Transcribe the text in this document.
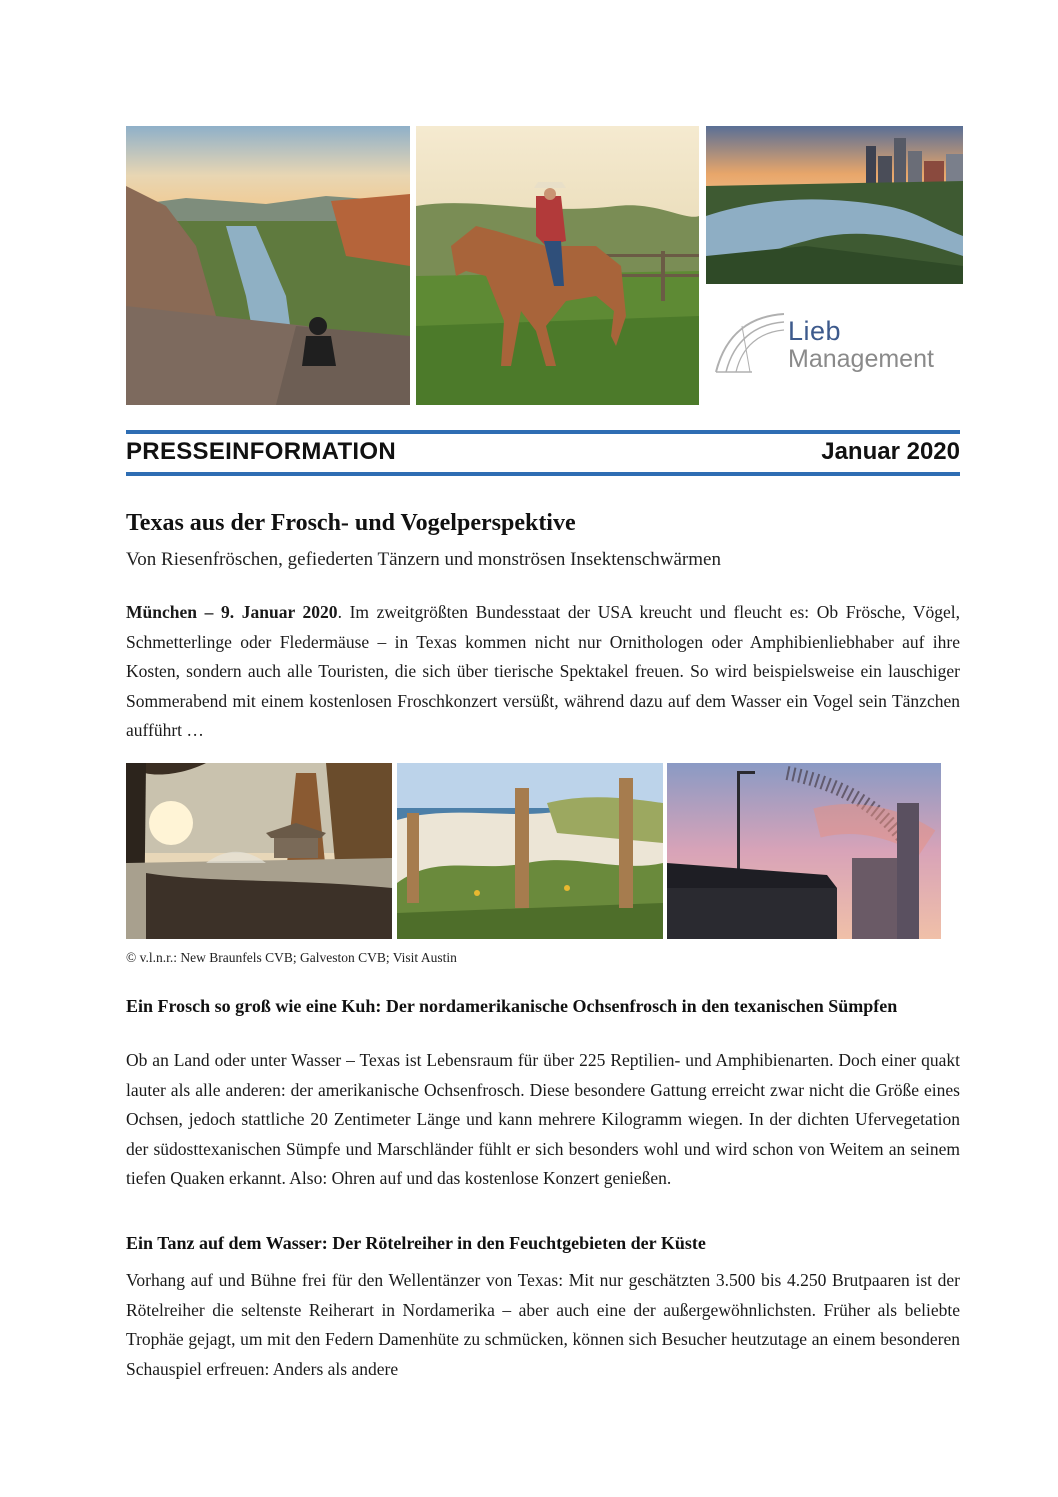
Lieb
Management
PRESSEINFORMATION	Januar 2020
Texas aus der Frosch- und Vogelperspektive
Von Riesenfröschen, gefiederten Tänzern und monströsen Insektenschwärmen

München – 9. Januar 2020. Im zweitgrößten Bundesstaat der USA kreucht und fleucht es: Ob Frösche, Vögel, Schmetterlinge oder Fledermäuse – in Texas kommen nicht nur Ornithologen oder Amphibienliebhaber auf ihre Kosten, sondern auch alle Touristen, die sich über tierische Spektakel freuen. So wird beispielsweise ein lauschiger Sommerabend mit einem kostenlosen Froschkonzert versüßt, während dazu auf dem Wasser ein Vogel sein Tänzchen aufführt …

© v.l.n.r.: New Braunfels CVB; Galveston CVB; Visit Austin
Ein Frosch so groß wie eine Kuh: Der nordamerikanische Ochsenfrosch in den texanischen Sümpfen

Ob an Land oder unter Wasser – Texas ist Lebensraum für über 225 Reptilien- und Amphibienarten. Doch einer quakt lauter als alle anderen: der amerikanische Ochsenfrosch. Diese besondere Gattung erreicht zwar nicht die Größe eines Ochsen, jedoch stattliche 20 Zentimeter Länge und kann mehrere Kilogramm wiegen. In der dichten Ufervegetation der südosttexanischen Sümpfe und Marschländer fühlt er sich besonders wohl und wird schon von Weitem an seinem tiefen Quaken erkannt. Also: Ohren auf und das kostenlose Konzert genießen.

Ein Tanz auf dem Wasser: Der Rötelreiher in den Feuchtgebieten der Küste

Vorhang auf und Bühne frei für den Wellentänzer von Texas: Mit nur geschätzten 3.500 bis 4.250 Brutpaaren ist der Rötelreiher die seltenste Reiherart in Nordamerika – aber auch eine der außergewöhnlichsten. Früher als beliebte Trophäe gejagt, um mit den Federn Damenhüte zu schmücken, können sich Besucher heutzutage an einem besonderen Schauspiel erfreuen: Anders als andere
